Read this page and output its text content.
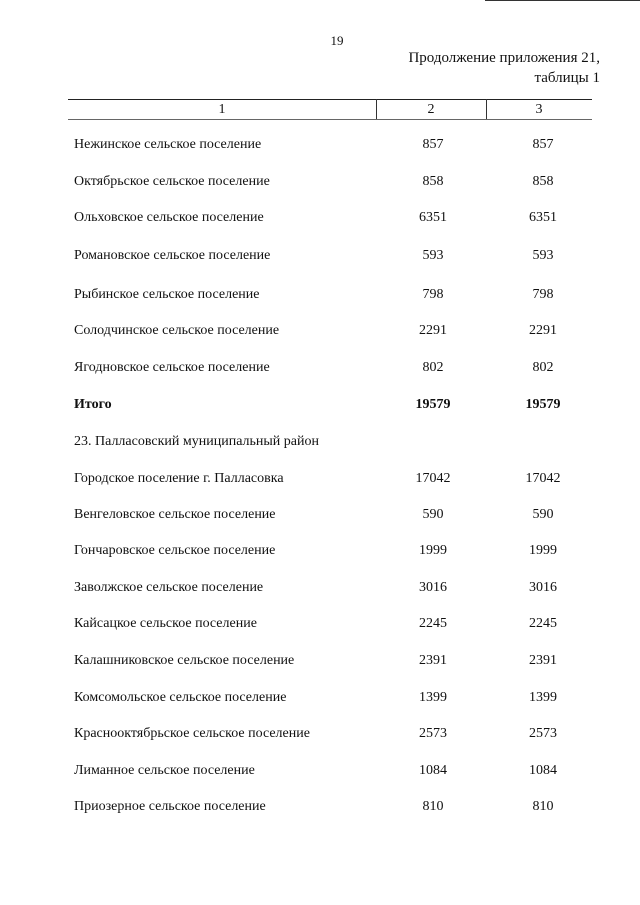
19
Продолжение приложения 21,
таблицы 1
1	2	3
Нежинское сельское поселение	857	857
Октябрьское сельское поселение	858	858
Ольховское сельское поселение	6351	6351
Романовское сельское поселение	593	593
Рыбинское сельское поселение	798	798
Солодчинское сельское поселение	2291	2291
Ягодновское сельское поселение	802	802
Итого	19579	19579
23. Палласовский муниципальный район
Городское поселение г. Палласовка	17042	17042
Венгеловское сельское поселение	590	590
Гончаровское сельское поселение	1999	1999
Заволжское сельское поселение	3016	3016
Кайсацкое сельское поселение	2245	2245
Калашниковское сельское поселение	2391	2391
Комсомольское сельское поселение	1399	1399
Краснооктябрьское сельское поселение	2573	2573
Лиманное сельское поселение	1084	1084
Приозерное сельское поселение	810	810
